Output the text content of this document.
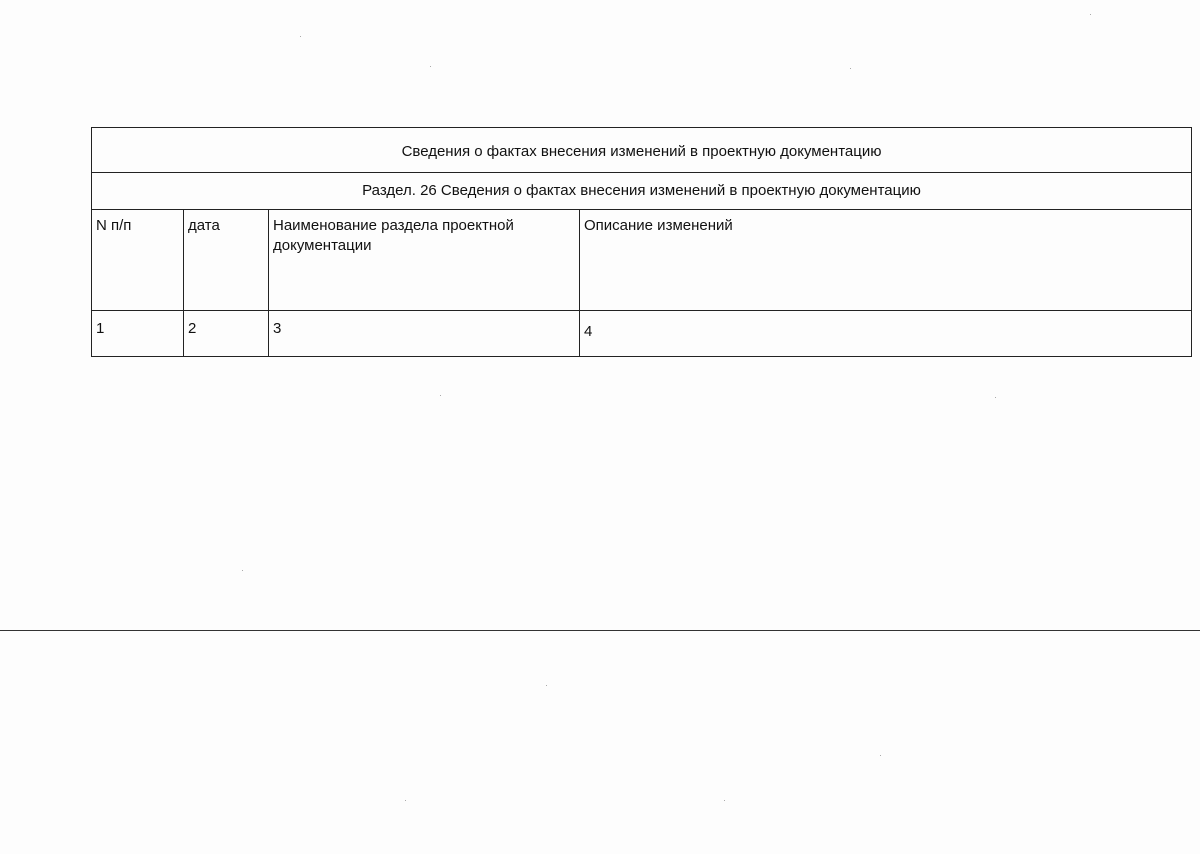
Сведения о фактах внесения изменений в проектную документацию			
Раздел. 26 Сведения о фактах внесения изменений в проектную документацию			
N п/п	дата	Наименование раздела проектной документации	Описание изменений
1	2	3	4
